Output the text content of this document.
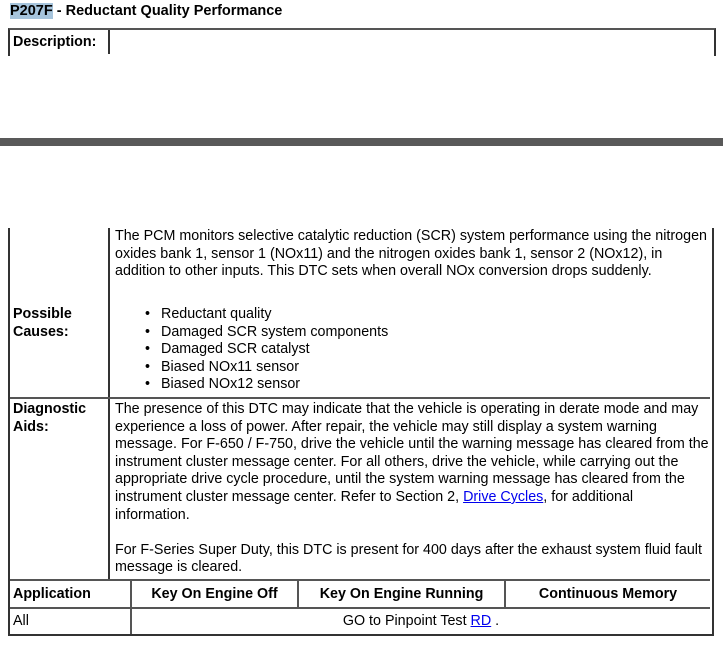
P207F - Reductant Quality Performance
Description:
The PCM monitors selective catalytic reduction (SCR) system performance using the nitrogen oxides bank 1, sensor 1 (NOx11) and the nitrogen oxides bank 1, sensor 2 (NOx12), in addition to other inputs. This DTC sets when overall NOx conversion drops suddenly.
Possible Causes:
• Reductant quality
• Damaged SCR system components
• Damaged SCR catalyst
• Biased NOx11 sensor
• Biased NOx12 sensor
Diagnostic Aids:
The presence of this DTC may indicate that the vehicle is operating in derate mode and may experience a loss of power. After repair, the vehicle may still display a system warning message. For F-650 / F-750, drive the vehicle until the warning message has cleared from the instrument cluster message center. For all others, drive the vehicle, while carrying out the appropriate drive cycle procedure, until the system warning message has cleared from the instrument cluster message center. Refer to Section 2, Drive Cycles, for additional information.
For F-Series Super Duty, this DTC is present for 400 days after the exhaust system fluid fault message is cleared.
Application	Key On Engine Off	Key On Engine Running	Continuous Memory
All	GO to Pinpoint Test RD .
